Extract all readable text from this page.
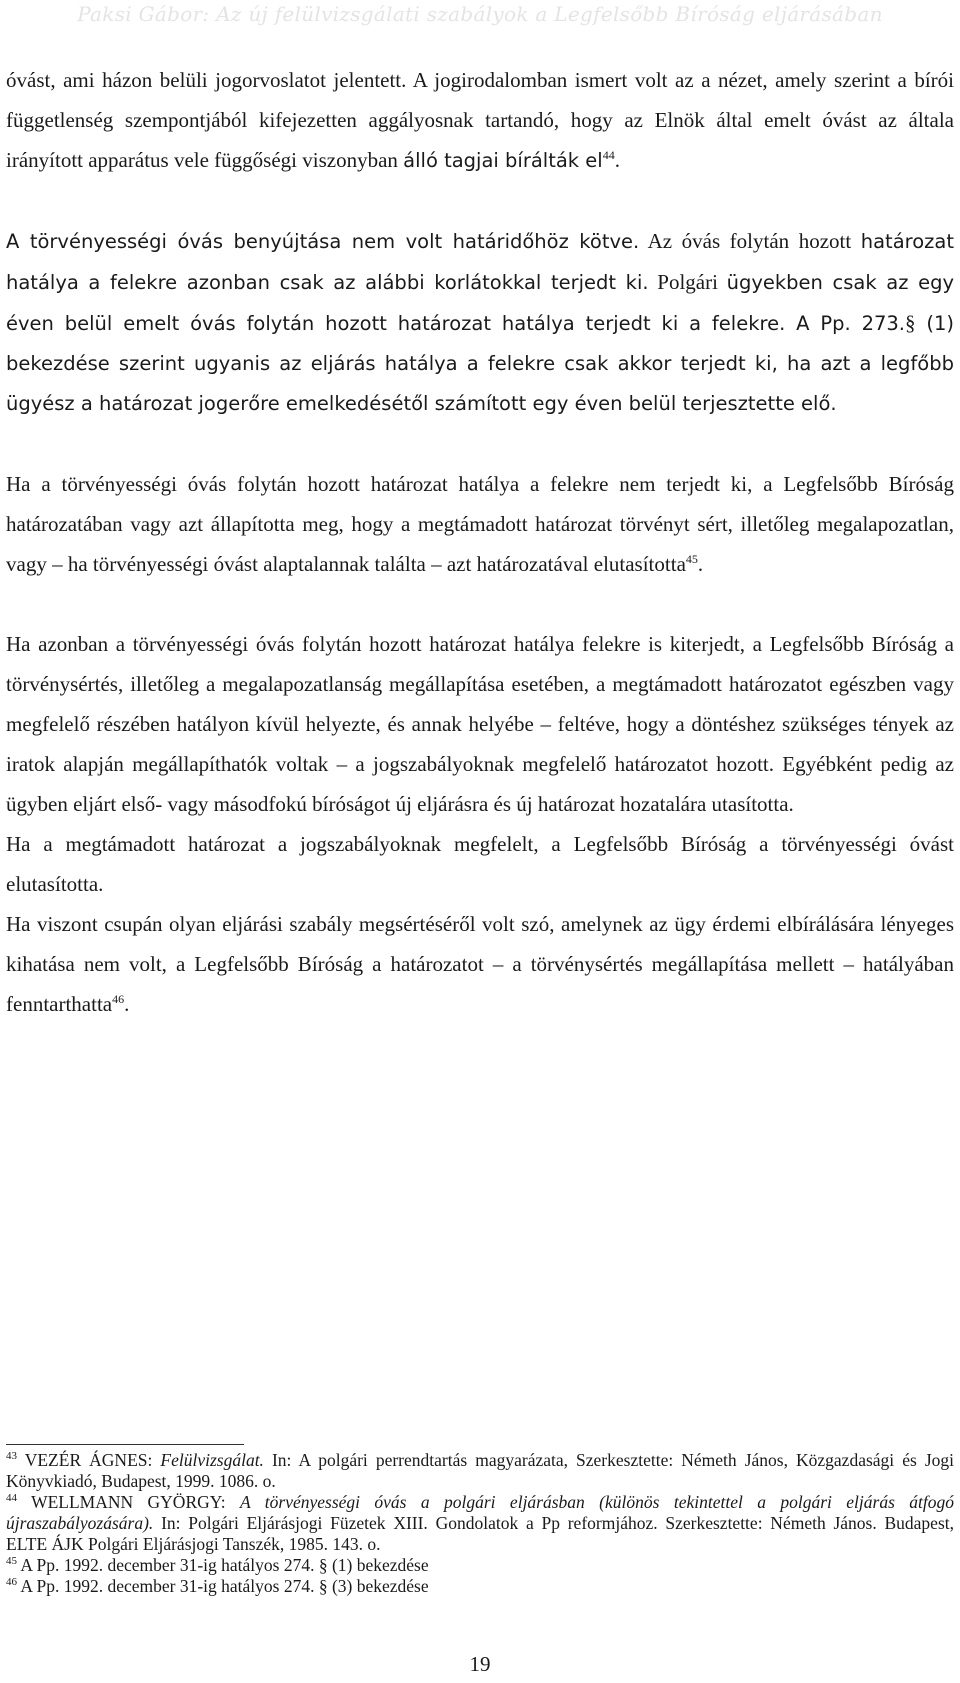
Paksi Gábor: Az új felülvizsgálati szabályok a Legfelsőbb Bíróság eljárásában

óvást, ami házon belüli jogorvoslatot jelentett. A jogirodalomban ismert volt az a nézet, amely szerint a bírói függetlenség szempontjából kifejezetten aggályosnak tartandó, hogy az Elnök által emelt óvást az általa irányított apparátus vele függőségi viszonyban álló tagjai bírálták $el^{44}$.

A törvényességi óvás benyújtása nem volt határidőhöz kötve. Az óvás folytán hozott határozat hatálya a felekre azonban csak az alábbi korlátokkal terjedt ki. Polgári ügyekben csak az egy éven belül emelt óvás folytán hozott határozat hatálya terjedt ki a felekre. A Pp. 273.§ (1) bekezdése szerint ugyanis az eljárás hatálya a felekre csak akkor terjedt ki, ha azt a legfőbb ügyész a határozat jogerőre emelkedésétől számított egy éven belül terjesztette elő.

Ha a törvényességi óvás folytán hozott határozat hatálya a felekre nem terjedt ki, a Legfelsőbb Bíróság határozatában vagy azt állapította meg, hogy a megtámadott határozat törvényt sért, illetőleg megalapozatlan, vagy – ha törvényességi óvást alaptalannak találta – azt határozatával elutasította$^{45}$.

Ha azonban a törvényességi óvás folytán hozott határozat hatálya felekre is kiterjedt, a Legfelsőbb Bíróság a törvénysértés, illetőleg a megalapozatlanság megállapítása esetében, a megtámadott határozatot egészben vagy megfelelő részében hatályon kívül helyezte, és annak helyébe – feltéve, hogy a döntéshez szükséges tények az iratok alapján megállapíthatók voltak – a jogszabályoknak megfelelő határozatot hozott. Egyébként pedig az ügyben eljárt első- vagy másodfokú bíróságot új eljárásra és új határozat hozatalára utasította.

Ha a megtámadott határozat a jogszabályoknak megfelelt, a Legfelsőbb Bíróság a törvényességi óvást elutasította.

Ha viszont csupán olyan eljárási szabály megsértéséről volt szó, amelynek az ügy érdemi elbírálására lényeges kihatása nem volt, a Legfelsőbb Bíróság a határozatot – a törvénysértés megállapítása mellett – hatályában fenntarthatta$^{46}$.

$^{43}$ VEZÉR ÁGNES: Felülvizsgálat. In: A polgári perrendtartás magyarázata, Szerkesztette: Németh János, Közgazdasági és Jogi Könyvkiadó, Budapest, 1999. 1086. o.

$^{44}$ WELLMANN GYÖRGY: A törvényességi óvás a polgári eljárásban (különös tekintettel a polgári eljárás átfogó újraszabályozására). In: Polgári Eljárásjogi Füzetek XIII. Gondolatok a Pp reformjához. Szerkesztette: Németh János. Budapest, ELTE ÁJK Polgári Eljárásjogi Tanszék, 1985. 143. o.

$^{45}$ A Pp. 1992. december 31-ig hatályos 274. § (1) bekezdése

$^{46}$ A Pp. 1992. december 31-ig hatályos 274. § (3) bekezdése

19
